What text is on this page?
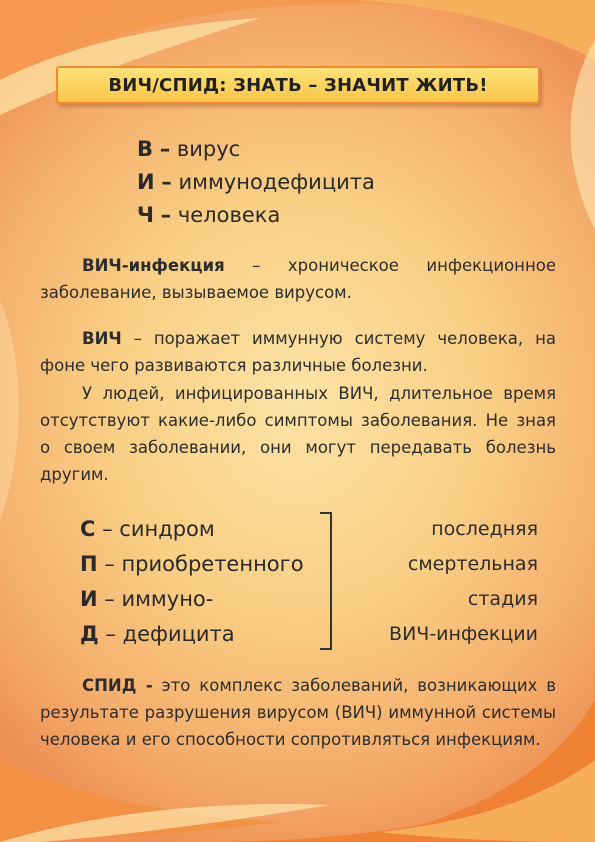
ВИЧ/СПИД: ЗНАТЬ – ЗНАЧИТ ЖИТЬ!
В – вирус
И – иммунодефицита
Ч – человека

ВИЧ-инфекция – хроническое инфекционное заболевание, вызываемое вирусом.

ВИЧ – поражает иммунную систему человека, на фоне чего развиваются различные болезни.

У людей, инфицированных ВИЧ, длительное время отсутствуют какие-либо симптомы заболевания. Не зная о своем заболевании, они могут передавать болезнь другим.

С – синдром
П – приобретенного
И – иммуно-
Д – дефицита
последняя
смертельная
стадия
ВИЧ-инфекции

СПИД - это комплекс заболеваний, возникающих в результате разрушения вирусом (ВИЧ) иммунной системы человека и его способности сопротивляться инфекциям.
